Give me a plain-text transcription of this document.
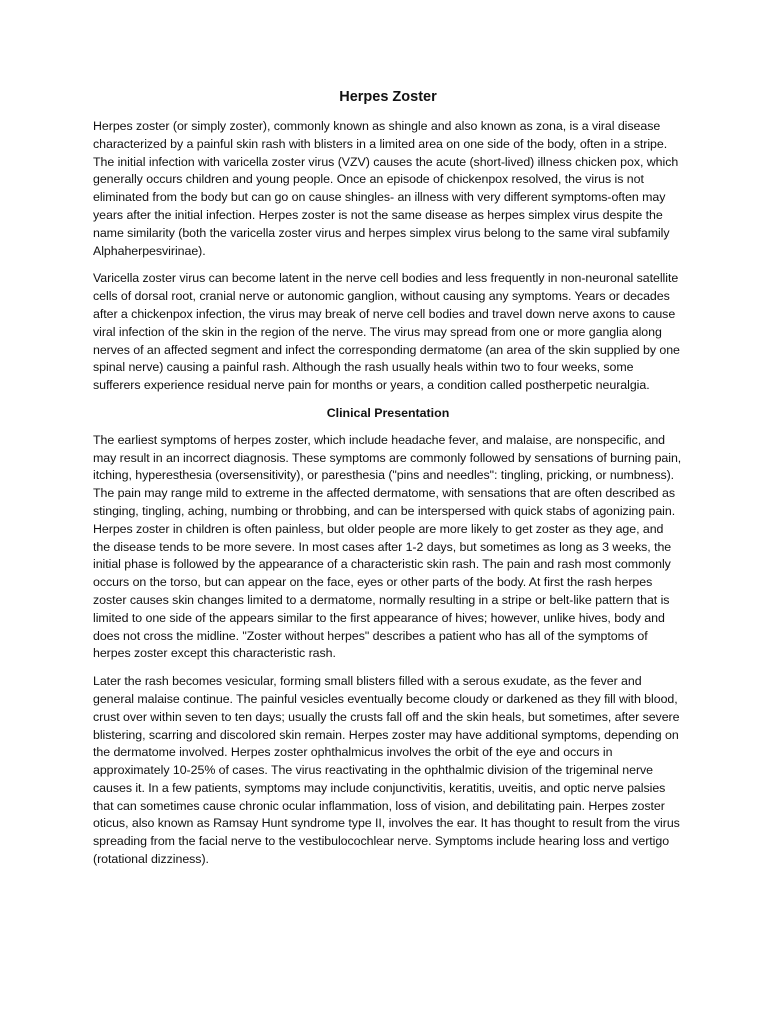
Herpes Zoster

Herpes zoster (or simply zoster), commonly known as shingle and also known as zona, is a viral disease characterized by a painful skin rash with blisters in a limited area on one side of the body, often in a stripe. The initial infection with varicella zoster virus (VZV) causes the acute (short-lived) illness chicken pox, which generally occurs children and young people. Once an episode of chickenpox resolved, the virus is not eliminated from the body but can go on cause shingles- an illness with very different symptoms-often may years after the initial infection. Herpes zoster is not the same disease as herpes simplex virus despite the name similarity (both the varicella zoster virus and herpes simplex virus belong to the same viral subfamily Alphaherpesvirinae).

Varicella zoster virus can become latent in the nerve cell bodies and less frequently in non-neuronal satellite cells of dorsal root, cranial nerve or autonomic ganglion, without causing any symptoms. Years or decades after a chickenpox infection, the virus may break of nerve cell bodies and travel down nerve axons to cause viral infection of the skin in the region of the nerve. The virus may spread from one or more ganglia along nerves of an affected segment and infect the corresponding dermatome (an area of the skin supplied by one spinal nerve) causing a painful rash. Although the rash usually heals within two to four weeks, some sufferers experience residual nerve pain for months or years, a condition called postherpetic neuralgia.

Clinical Presentation

The earliest symptoms of herpes zoster, which include headache fever, and malaise, are nonspecific, and may result in an incorrect diagnosis. These symptoms are commonly followed by sensations of burning pain, itching, hyperesthesia (oversensitivity), or paresthesia ("pins and needles": tingling, pricking, or numbness). The pain may range mild to extreme in the affected dermatome, with sensations that are often described as stinging, tingling, aching, numbing or throbbing, and can be interspersed with quick stabs of agonizing pain. Herpes zoster in children is often painless, but older people are more likely to get zoster as they age, and the disease tends to be more severe. In most cases after 1-2 days, but sometimes as long as 3 weeks, the initial phase is followed by the appearance of a characteristic skin rash. The pain and rash most commonly occurs on the torso, but can appear on the face, eyes or other parts of the body. At first the rash herpes zoster causes skin changes limited to a dermatome, normally resulting in a stripe or belt-like pattern that is limited to one side of the appears similar to the first appearance of hives; however, unlike hives, body and does not cross the midline. "Zoster without herpes" describes a patient who has all of the symptoms of herpes zoster except this characteristic rash.

Later the rash becomes vesicular, forming small blisters filled with a serous exudate, as the fever and general malaise continue. The painful vesicles eventually become cloudy or darkened as they fill with blood, crust over within seven to ten days; usually the crusts fall off and the skin heals, but sometimes, after severe blistering, scarring and discolored skin remain. Herpes zoster may have additional symptoms, depending on the dermatome involved. Herpes zoster ophthalmicus involves the orbit of the eye and occurs in approximately 10-25% of cases. The virus reactivating in the ophthalmic division of the trigeminal nerve causes it. In a few patients, symptoms may include conjunctivitis, keratitis, uveitis, and optic nerve palsies that can sometimes cause chronic ocular inflammation, loss of vision, and debilitating pain. Herpes zoster oticus, also known as Ramsay Hunt syndrome type II, involves the ear. It has thought to result from the virus spreading from the facial nerve to the vestibulocochlear nerve. Symptoms include hearing loss and vertigo (rotational dizziness).
